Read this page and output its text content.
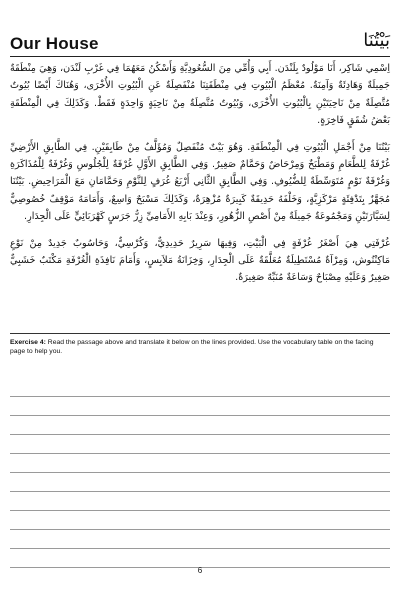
Our House	بَيْتُنَا

اِسْمِي شَاكِر، أَنَا مَوْلُودٌ بِلَنْدَن. أَبِي وَأُمِّي مِنَ السُّعُودِيَّةِ وَأَسْكُنُ مَعَهُمَا فِي غَرْبِ لَنْدَن، وَهِيَ مِنْطَقَةٌ جَمِيلَةٌ وَهَادِئَةٌ وَآمِنَةٌ. مُعْظَمُ الْبُيُوتِ فِي مِنْطَقَتِنَا مُنْفَصِلَةٌ عَنِ الْبُيُوتِ الأُخْرَى، وَهُنَاكَ أَيْضًا بُيُوتٌ مُتَّصِلَةٌ مِنْ نَاحِيَتَيْنِ بِالْبُيُوتِ الأُخْرَى، وَبُيُوتٌ مُتَّصِلَةٌ مِنْ نَاحِيَةٍ وَاحِدَةٍ فَقَطْ. وَكَذَلِكَ فِي الْمِنْطَقَةِ بَعْضُ شُقَقٍ فَاخِرَةٍ.

بَيْتُنَا مِنْ أَجْمَلِ الْبُيُوتِ فِي الْمِنْطَقَةِ. وَهُوَ بَيْتٌ مُنْفَصِلٌ وَمُؤَلَّفٌ مِنْ طَابِقَيْنِ. فِي الطَّابِقِ الأَرْضِيِّ غُرْفَةٌ لِلطَّعَامِ وَمَطْبَخٌ وَمِرْحَاضٌ وَحَمَّامٌ صَغِيرٌ. وَفِي الطَّابِقِ الأَوَّلِ غُرْفَةٌ لِلْجُلُوسِ وَغُرْفَةٌ لِلْمُذَاكَرَةِ وَغُرْفَةٌ نَوْمٍ مُتَوَسِّطَةٌ لِلضُّيُوفِ. وَفِي الطَّابِقِ الثَّانِي أَرْبَعُ غُرَفٍ لِلنَّوْمِ وَحَمَّامَانِ مَعَ الْمَرَاحِيضِ. بَيْتُنَا مُجَهَّزٌ بِتَدْفِئَةٍ مَرْكَزِيَّةٍ، وَخَلْفَهُ حَدِيقَةٌ كَبِيرَةٌ مُزْهِرَةٌ، وَكَذَلِكَ مَسْبَحٌ وَاسِعٌ، وَأَمَامَهُ مَوْقِفٌ خُصُوصِيٌّ لِسَيَّارَتَيْنِ وَمَجْمُوعَةٌ جَمِيلَةٌ مِنْ أَصْصِ الزُّهُورِ، وَعِنْدَ بَابِهِ الأَمَامِيِّ زِرُّ جَرَسٍ كَهْرَبَائِيٍّ عَلَى الْجِدَارِ.

غُرْفَتِي هِيَ أَصْغَرُ غُرْفَةٍ فِي الْبَيْتِ، وَفِيهَا سَرِيرٌ حَدِيدِيٌّ، وَكُرْسِيٌّ، وَحَاسُوبٌ جَدِيدٌ مِنْ نَوْعِ مَاكِنْتُوش، وَمِرْآةٌ مُسْتَطِيلَةٌ مُعَلَّقَةٌ عَلَى الْجِدَارِ، وَخِزَانَةُ مَلاَبِسٍ، وَأَمَامَ نَافِذَةِ الْغُرْفَةِ مَكْتَبٌ خَشَبِيٌّ صَغِيرٌ وَعَلَيْهِ مِصْبَاحٌ وَسَاعَةٌ مُنَبِّهٌ صَغِيرَةٌ.

Exercise 4: Read the passage above and translate it below on the lines provided. Use the vocabulary table on the facing page to help you.
6
